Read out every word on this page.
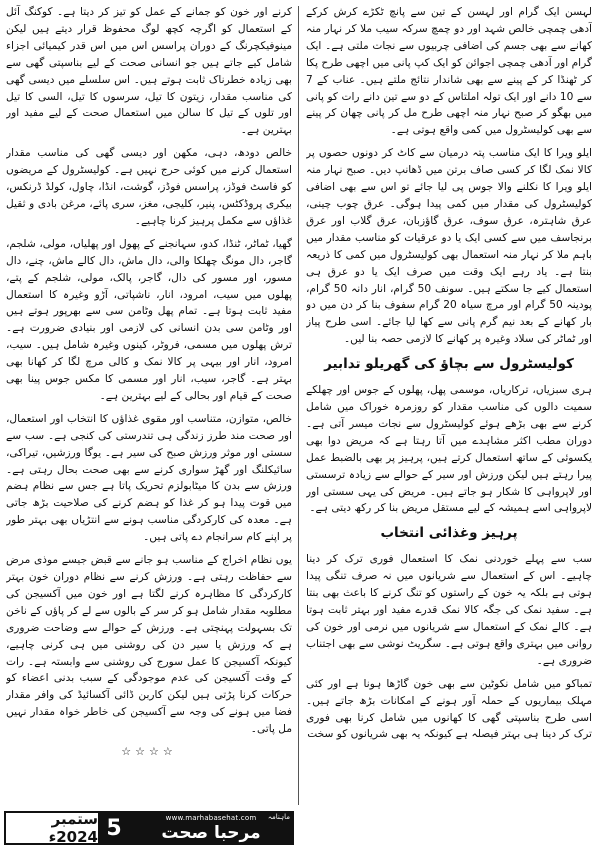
لہسن ایک گرام اور لہسن کے تین سے پانچ ٹکڑے کرش کرکے آدھی چمچی خالص شہد اور دو چمچ سرکہ سیب ملا کر نہار منہ کھانے سے بھی جسم کی اضافی چربیوں سے نجات ملتی ہے۔ ایک گرام اور آدھی چمچی اجوائن کو ایک کپ پانی میں اچھی طرح پکا کر ٹھنڈا کر کے پینے سے بھی شاندار نتائج ملتے ہیں۔ عناب کے 7 سے 10 دانے اور ایک تولہ املتاس کے دو سے تین دانے رات کو پانی میں بھگو کر صبح نہار منہ اچھی طرح مل کر پانی چھان کر پینے سے بھی کولیسٹرول میں کمی واقع ہوتی ہے۔

ایلو ویرا کا ایک مناسب پتہ درمیان سے کاٹ کر دونوں حصوں پر کالا نمک لگا کر کسی صاف برتن میں ڈھانپ دیں۔ صبح نہار منہ ایلو ویرا کا نکلنے والا جوس پی لیا جائے تو اس سے بھی اضافی کولیسٹرول کی مقدار میں کمی پیدا ہوگی۔ عرق چوب چینی، عرق شاہترہ، عرق سوف، عرق گاؤزبان، عرق گلاب اور عرق برنجاسف میں سے کسی ایک یا دو عرقیات کو مناسب مقدار میں باہم ملا کر نہار منہ استعمال بھی کولیسٹرول میں کمی کا ذریعہ بنتا ہے۔ یاد رہے ایک وقت میں صرف ایک یا دو عرق ہی استعمال کیے جا سکتے ہیں۔ سونف 50 گرام، انار دانہ 50 گرام، پودینہ 50 گرام اور مرچ سیاہ 20 گرام سفوف بنا کر دن میں دو بار کھانے کے بعد نیم گرم پانی سے کھا لیا جائے۔ اسی طرح پیاز اور ٹماٹر کی سلاد وغیرہ پر کھانے کا لازمی حصہ بنا لیں۔

کولیسٹرول سے بچاؤ کی گھریلو تدابیر

ہری سبزیاں، ترکاریاں، موسمی پھل، پھلوں کے جوس اور چھلکے سمیت دالوں کی مناسب مقدار کو روزمرہ خوراک میں شامل کرنے سے بھی بڑھے ہوئے کولیسٹرول سے نجات میسر آتی ہے۔ دوران مطب اکثر مشاہدے میں آتا رہتا ہے کہ مریض دوا بھی یکسوئی کے ساتھ استعمال کرتے ہیں، پرہیز پر بھی بالضبط عمل پیرا رہتے ہیں لیکن ورزش اور سیر کے حوالے سے زیادہ ترسستی اور لاپرواہی کا شکار ہو جاتے ہیں۔ مریض کی یہی سستی اور لاپرواہی اسے ہمیشہ کے لیے مستقل مریض بنا کر رکھ دیتی ہے۔

پرہیز وغذائی انتخاب

سب سے پہلے خوردنی نمک کا استعمال فوری ترک کر دینا چاہیے۔ اس کے استعمال سے شریانوں میں نہ صرف تنگی پیدا ہوتی ہے بلکہ یہ خون کے راستوں کو تنگ کرنے کا باعث بھی بنتا ہے۔ سفید نمک کی جگہ کالا نمک قدرے مفید اور بہتر ثابت ہوتا ہے۔ کالے نمک کے استعمال سے شریانوں میں نرمی اور خون کی روانی میں بہتری واقع ہوتی ہے۔ سگریٹ نوشی سے بھی اجتناب ضروری ہے۔

تمباکو میں شامل نکوٹین سے بھی خون گاڑھا ہونا ہے اور کئی مہلک بیماریوں کے حملہ آور ہونے کے امکانات بڑھ جاتے ہیں۔ اسی طرح بناسپتی گھی کا کھانوں میں شامل کرنا بھی فوری ترک کر دینا ہی بہتر فیصلہ ہے کیونکہ یہ بھی شریانوں کو سخت

کرنے اور خون کو جمانے کے عمل کو تیز کر دیتا ہے۔ کوکنگ آئل کے استعمال کو اگرچہ کچھ لوگ محفوظ قرار دیتے ہیں لیکن مینوفیکچرنگ کے دوران پراسس اس میں اس قدر کیمیائی اجزاء شامل کیے جاتے ہیں جو انسانی صحت کے لیے بناسپتی گھی سے بھی زیادہ خطرناک ثابت ہوتے ہیں۔ اس سلسلے میں دیسی گھی کی مناسب مقدار، زیتون کا تیل، سرسوں کا تیل، السی کا تیل اور تلوں کے تیل کا سالن میں استعمال صحت کے لیے مفید اور بہترین ہے۔

خالص دودھ، دہی، مکھن اور دیسی گھی کی مناسب مقدار استعمال کرنے میں کوئی حرج نہیں ہے۔ کولیسٹرول کے مریضوں کو فاسٹ فوڈز، پراسس فوڈز، گوشت، انڈا، چاول، کولڈ ڈرنکس، بیکری پروڈکٹس، پنیر، کلیجی، مغز، سری پائے، مرغن بادی و ثقیل غذاؤں سے مکمل پرہیز کرنا چاہیے۔

گھیا، ٹماٹر، ٹنڈا، کدو، سہانجنے کے پھول اور پھلیاں، مولی، شلجم، گاجر، دال مونگ چھلکا والی، دال ماش، دال کالے ماش، چنے، دال مسور، اور مسور کی دال، گاجر، پالک، مولی، شلجم کے پتے، پھلوں میں سیب، امرود، انار، ناشپاتی، آڑو وغیرہ کا استعمال مفید ثابت ہوتا ہے۔ تمام پھل وٹامن سی سے بھرپور ہوتے ہیں اور وٹامن سی بدن انسانی کی لازمی اور بنیادی ضرورت ہے۔ ترش پھلوں میں مسمی، فروٹر، کینوں وغیرہ شامل ہیں۔ سیب، امرود، انار اور بیہی پر کالا نمک و کالی مرچ لگا کر کھانا بھی بہتر ہے۔ گاجر، سیب، انار اور مسمی کا مکس جوس پینا بھی صحت کے قیام اور بحالی کے لیے بہترین ہے۔

خالص، متوازن، متناسب اور مقوی غذاؤں کا انتخاب اور استعمال، اور صحت مند طرز زندگی ہی تندرستی کی کنجی ہے۔ سب سے سستی اور موثر ورزش صبح کی سیر ہے۔ یوگا ورزشیں، تیراکی، سائیکلنگ اور گھڑ سواری کرنے سے بھی صحت بحال رہتی ہے۔ ورزش سے بدن کا میٹابولزم تحریک پاتا ہے جس سے نظام ہضم میں قوت پیدا ہو کر غذا کو ہضم کرنے کی صلاحیت بڑھ جاتی ہے۔ معدہ کی کارکردگی مناسب ہونے سے انتڑیاں بھی بہتر طور پر اپنے کام سرانجام دے پاتی ہیں۔

یوں نظام اخراج کے مناسب ہو جانے سے قبض جیسے موذی مرض سے حفاظت رہتی ہے۔ ورزش کرنے سے نظام دوران خون بہتر کارکردگی کا مظاہرہ کرنے لگتا ہے اور خون میں آکسیجن کی مطلوبہ مقدار شامل ہو کر سر کے بالوں سے لے کر پاؤں کے ناخن تک بسہولت پہنچتی ہے۔ ورزش کے حوالے سے وضاحت ضروری ہے کہ ورزش یا سیر دن کی روشنی میں ہی کرنی چاہیے، کیونکہ آکسیجن کا عمل سورج کی روشنی سے وابستہ ہے۔ رات کے وقت آکسیجن کی عدم موجودگی کے سبب بدنی اعضاء کو حرکات کرنا پڑتی ہیں لیکن کاربن ڈائی آکسائیڈ کی وافر مقدار فضا میں ہونے کی وجہ سے آکسیجن کی خاطر خواہ مقدار نہیں مل پاتی۔

☆☆☆☆
ستمبر 2024ء 5	ماہنامہ
www.marhabasehat.com
مرحبا صحت
